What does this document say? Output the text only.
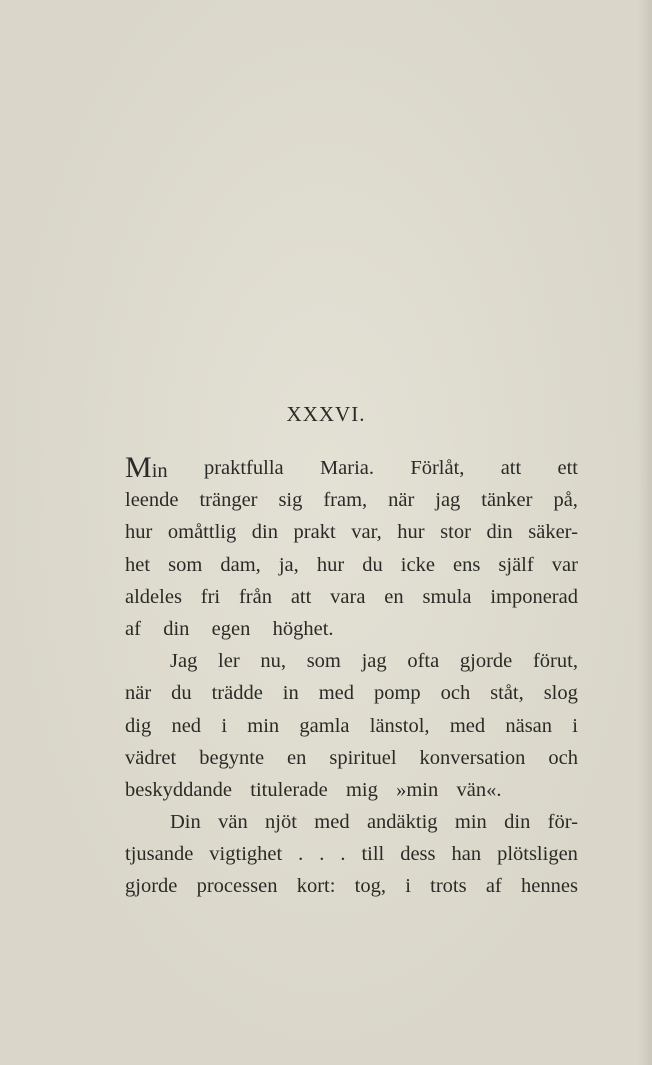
XXXVI.
Min praktfulla Maria. Förlåt, att ett
leende tränger sig fram, när jag tänker på,
hur omåttlig din prakt var, hur stor din säker-
het som dam, ja, hur du icke ens själf var
aldeles fri från att vara en smula imponerad
af
din
egen
höghet.
Jag ler nu, som jag ofta gjorde förut,
när du trädde in med pomp och ståt, slog
dig ned i min gamla länstol, med näsan i
vädret begynte en spirituel konversation och
beskyddande
titulerade
mig
»min
vän«.
Din vän njöt med andäktig min din för-
tjusande vigtighet . . . till dess han plötsligen
gjorde processen kort: tog, i trots af hennes
